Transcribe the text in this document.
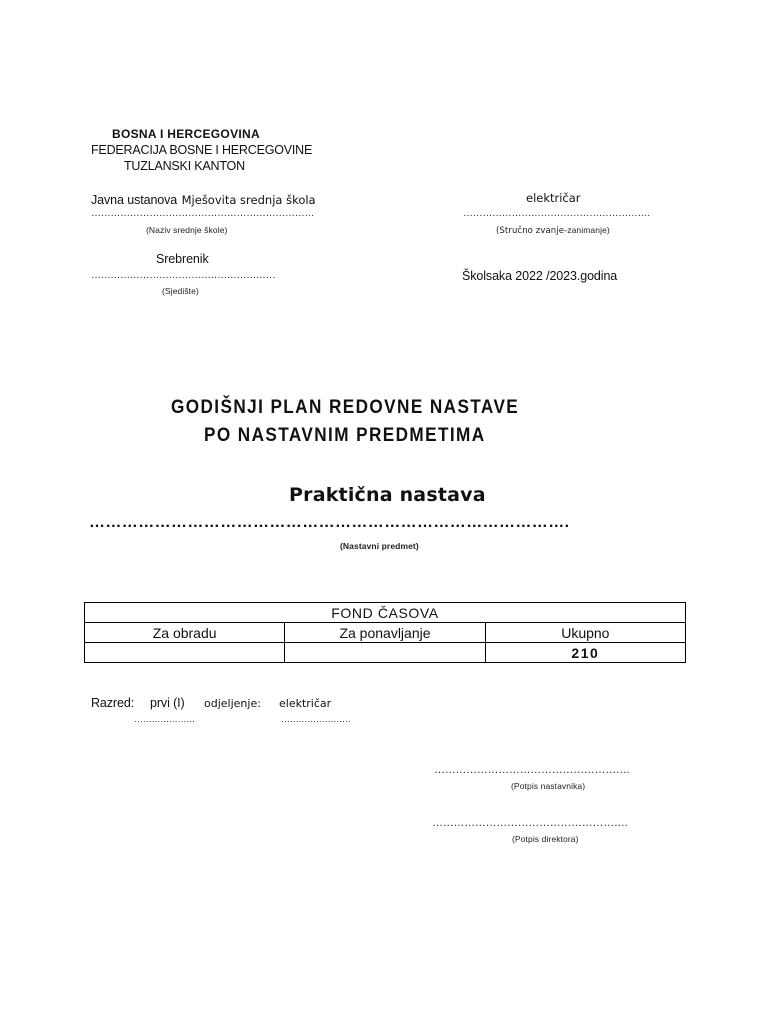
BOSNA I HERCEGOVINA
FEDERACIJA BOSNE I HERCEGOVINE
TUZLANSKI KANTON
Javna ustanova Mješovita srednja škola
……………………………………………………………
(Naziv srednje škole)
električar
………………………………………………….
(Stručno zvanje-zanimanje)
Srebrenik
…………………………………………………
(Sjedište)
Školsaka 2022 /2023.godina
GODIŠNJI PLAN REDOVNE NASTAVE
PO NASTAVNIM PREDMETIMA
Praktična nastava
…………………………………………………………………………….
(Nastavni predmet)
FOND ČASOVA		
Za obradu	Za ponavljanje	Ukupno
		210
Razred: prvi (I) odjeljenje: električar
…………………	……………………
……………………………………………….
(Potpis nastavnika)
……………………………………………….
(Potpis direktora)
